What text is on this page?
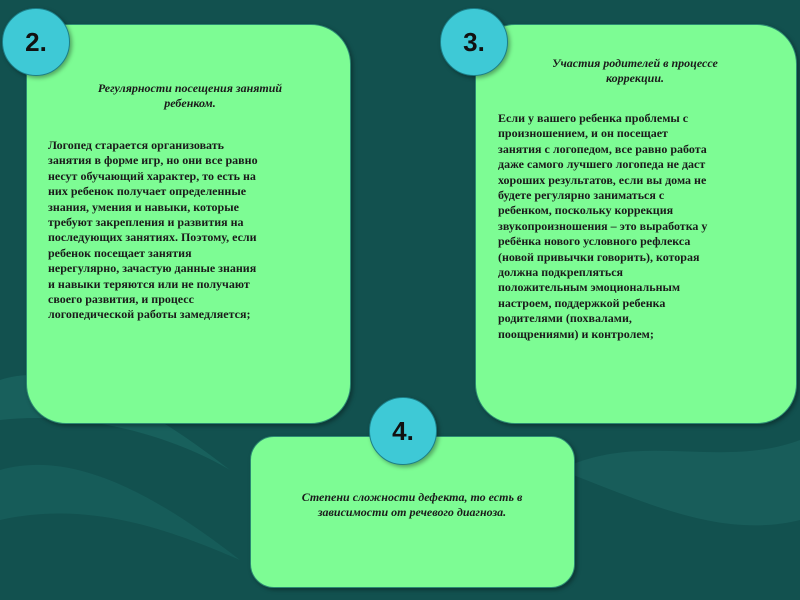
2.	3.
4.
Регулярности посещения занятий
ребенком.
Логопед старается организовать
занятия в форме игр, но они все равно
несут обучающий характер, то есть на
них ребенок получает определенные
знания, умения и навыки, которые
требуют закрепления и развития на
последующих занятиях. Поэтому, если
ребенок посещает занятия
нерегулярно, зачастую данные знания
и навыки теряются или не получают
своего развития, и процесс
логопедической работы замедляется;
Участия родителей в процессе
коррекции.
Если у вашего ребенка проблемы с
произношением, и он посещает
занятия с логопедом, все равно работа
даже самого лучшего логопеда не даст
хороших результатов, если вы дома не
будете регулярно заниматься с
ребенком, поскольку коррекция
звукопроизношения – это выработка у
ребёнка нового условного рефлекса
(новой привычки говорить), которая
должна подкрепляться
положительным эмоциональным
настроем, поддержкой ребенка
родителями (похвалами,
поощрениями) и контролем;
Степени сложности дефекта, то есть в
зависимости от речевого диагноза.
